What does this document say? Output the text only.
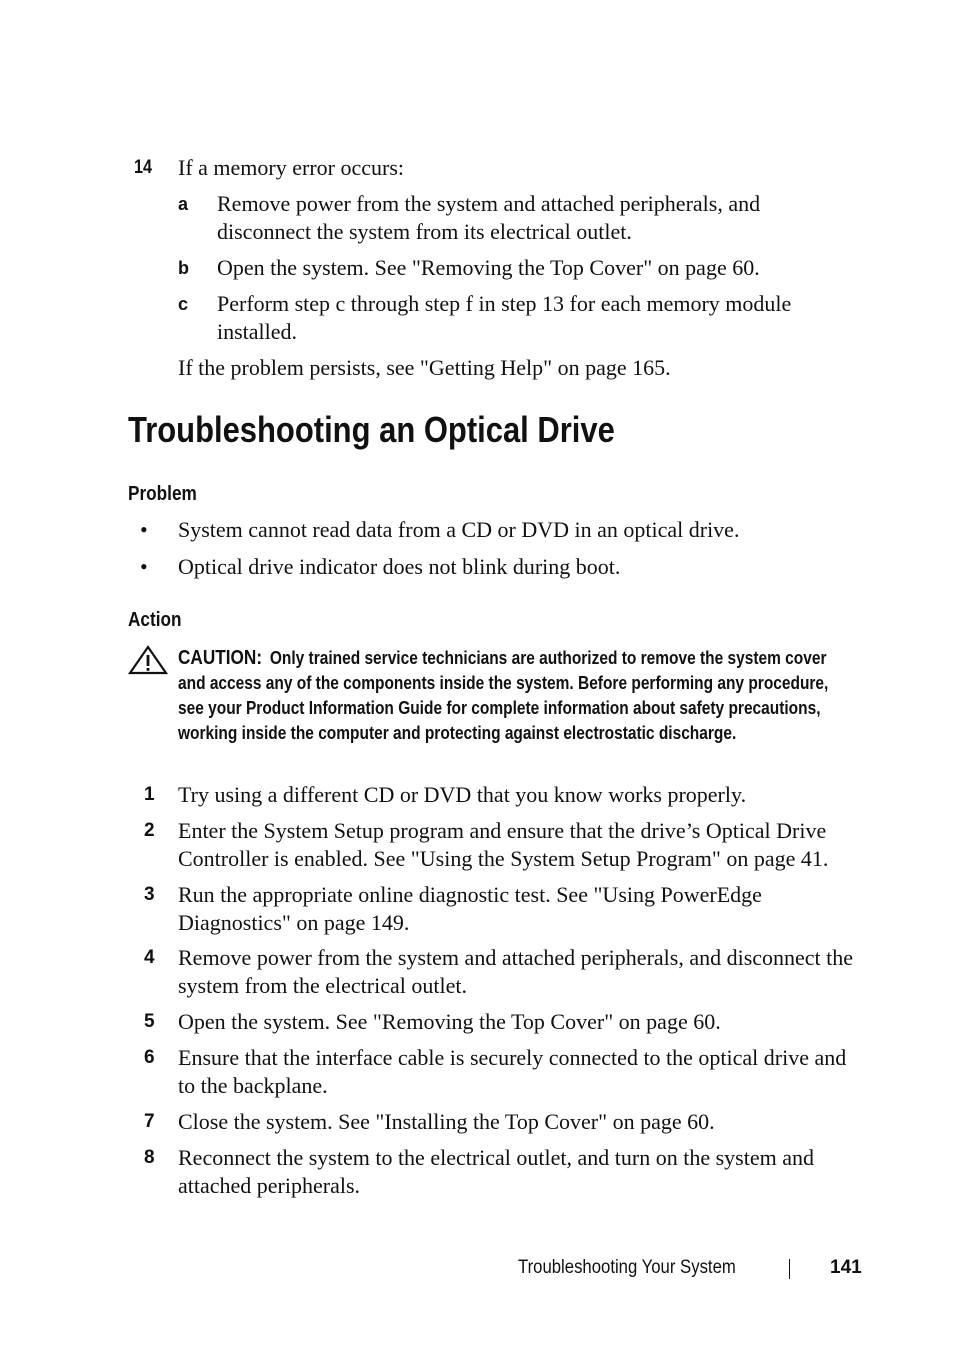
14 If a memory error occurs:
a Remove power from the system and attached peripherals, and disconnect the system from its electrical outlet.
b Open the system. See "Removing the Top Cover" on page 60.
c Perform step c through step f in step 13 for each memory module installed.
If the problem persists, see "Getting Help" on page 165.
Troubleshooting an Optical Drive
Problem
• System cannot read data from a CD or DVD in an optical drive.
• Optical drive indicator does not blink during boot.
Action
CAUTION: Only trained service technicians are authorized to remove the system cover and access any of the components inside the system. Before performing any procedure, see your Product Information Guide for complete information about safety precautions, working inside the computer and protecting against electrostatic discharge.
1 Try using a different CD or DVD that you know works properly.
2 Enter the System Setup program and ensure that the drive’s Optical Drive Controller is enabled. See "Using the System Setup Program" on page 41.
3 Run the appropriate online diagnostic test. See "Using PowerEdge Diagnostics" on page 149.
4 Remove power from the system and attached peripherals, and disconnect the system from the electrical outlet.
5 Open the system. See "Removing the Top Cover" on page 60.
6 Ensure that the interface cable is securely connected to the optical drive and to the backplane.
7 Close the system. See "Installing the Top Cover" on page 60.
8 Reconnect the system to the electrical outlet, and turn on the system and attached peripherals.
Troubleshooting Your System	141
